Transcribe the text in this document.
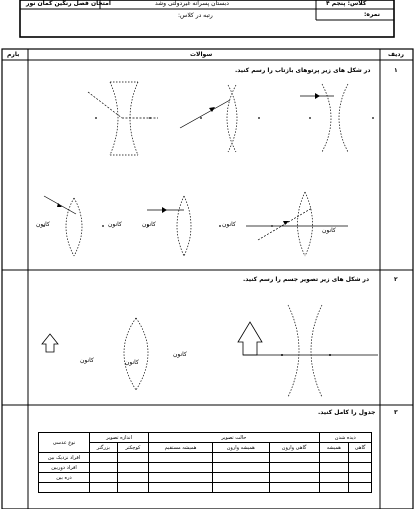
کلاس: پنجم ۴
دبستان پسرانه غیردولتی وشد
امتحان فصل رنگین کمان نور
نمره:
رتبه در کلاس:
ردیف
سوالات
بارم
۱
در شکل های زیر پرتوهای بازتاب را رسم کنید.
کانون	کانون	کانون	کانون
کانون
۲
در شکل های زیر تصویر جسم را رسم کنید.
کانون
کانون
کانون
۳
جدول را کامل کنید.
نوع عدسی	اندازه تصویر		حالت تصویر			دیده شدن	
	بزرگتر	کوچکتر	همیشه مستقیم	همیشه وارون	گاهی وارون	همیشه	گاهی
افراد نزدیک بین							
افراد دوربین							
ذره بین							
